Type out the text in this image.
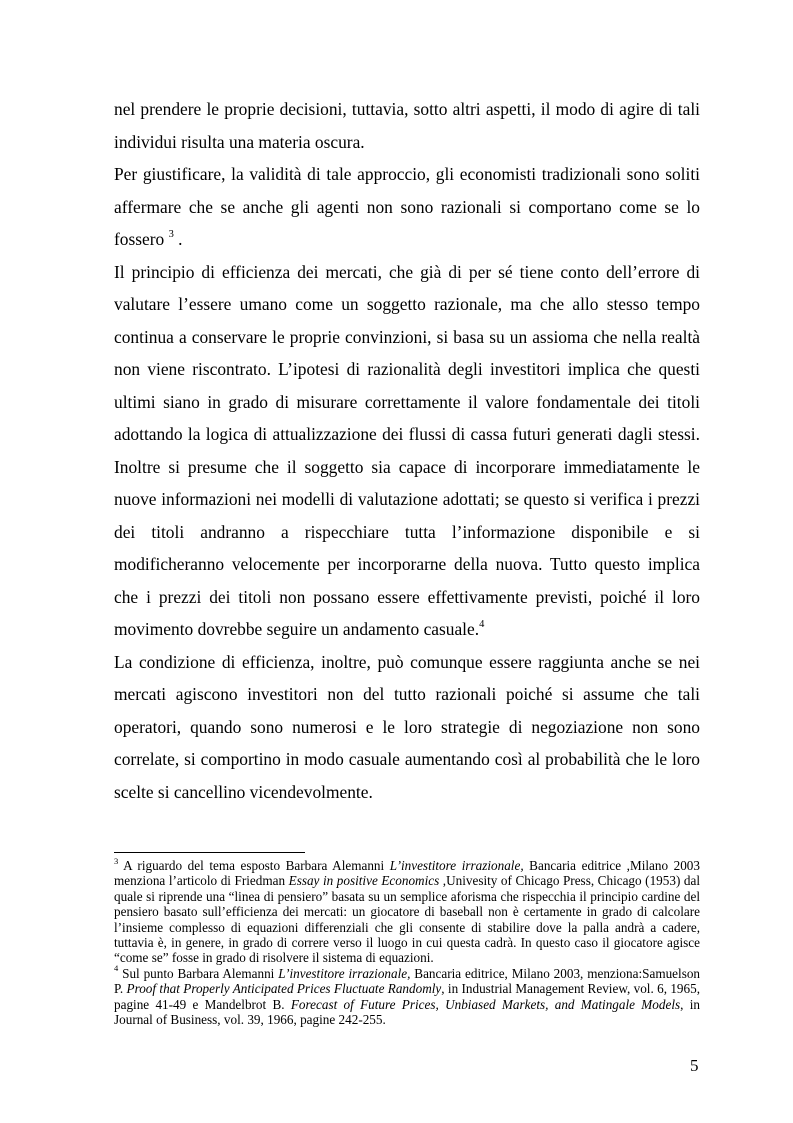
nel prendere le proprie decisioni, tuttavia, sotto altri aspetti, il modo di agire di tali individui risulta una materia oscura.

Per giustificare, la validità di tale approccio, gli economisti tradizionali sono soliti affermare che se anche gli agenti non sono razionali si comportano come se lo fossero $^3$ .

Il principio di efficienza dei mercati, che già di per sé tiene conto dell’errore di valutare l’essere umano come un soggetto razionale, ma che allo stesso tempo continua a conservare le proprie convinzioni, si basa su un assioma che nella realtà non viene riscontrato. L’ipotesi di razionalità degli investitori implica che questi ultimi siano in grado di misurare correttamente il valore fondamentale dei titoli adottando la logica di attualizzazione dei flussi di cassa futuri generati dagli stessi. Inoltre si presume che il soggetto sia capace di incorporare immediatamente le nuove informazioni nei modelli di valutazione adottati; se questo si verifica i prezzi dei titoli andranno a rispecchiare tutta l’informazione disponibile e si modificheranno velocemente per incorporarne della nuova. Tutto questo implica che i prezzi dei titoli non possano essere effettivamente previsti, poiché il loro movimento dovrebbe seguire un andamento casuale.$^4$

La condizione di efficienza, inoltre, può comunque essere raggiunta anche se nei mercati agiscono investitori non del tutto razionali poiché si assume che tali operatori, quando sono numerosi e le loro strategie di negoziazione non sono correlate, si comportino in modo casuale aumentando così al probabilità che le loro scelte si cancellino vicendevolmente.

$^3$ A riguardo del tema esposto Barbara Alemanni L’investitore irrazionale, Bancaria editrice ,Milano 2003 menziona l’articolo di Friedman Essay in positive Economics ,Univesity of Chicago Press, Chicago (1953) dal quale si riprende una “linea di pensiero” basata su un semplice aforisma che rispecchia il principio cardine del pensiero basato sull’efficienza dei mercati: un giocatore di baseball non è certamente in grado di calcolare l’insieme complesso di equazioni differenziali che gli consente di stabilire dove la palla andrà a cadere, tuttavia è, in genere, in grado di correre verso il luogo in cui questa cadrà. In questo caso il giocatore agisce “come se” fosse in grado di risolvere il sistema di equazioni.

$^4$ Sul punto Barbara Alemanni L’investitore irrazionale, Bancaria editrice, Milano 2003, menziona:Samuelson P. Proof that Properly Anticipated Prices Fluctuate Randomly, in Industrial Management Review, vol. 6, 1965, pagine 41-49 e Mandelbrot B. Forecast of Future Prices, Unbiased Markets, and Matingale Models, in Journal of Business, vol. 39, 1966, pagine 242-255.

5
